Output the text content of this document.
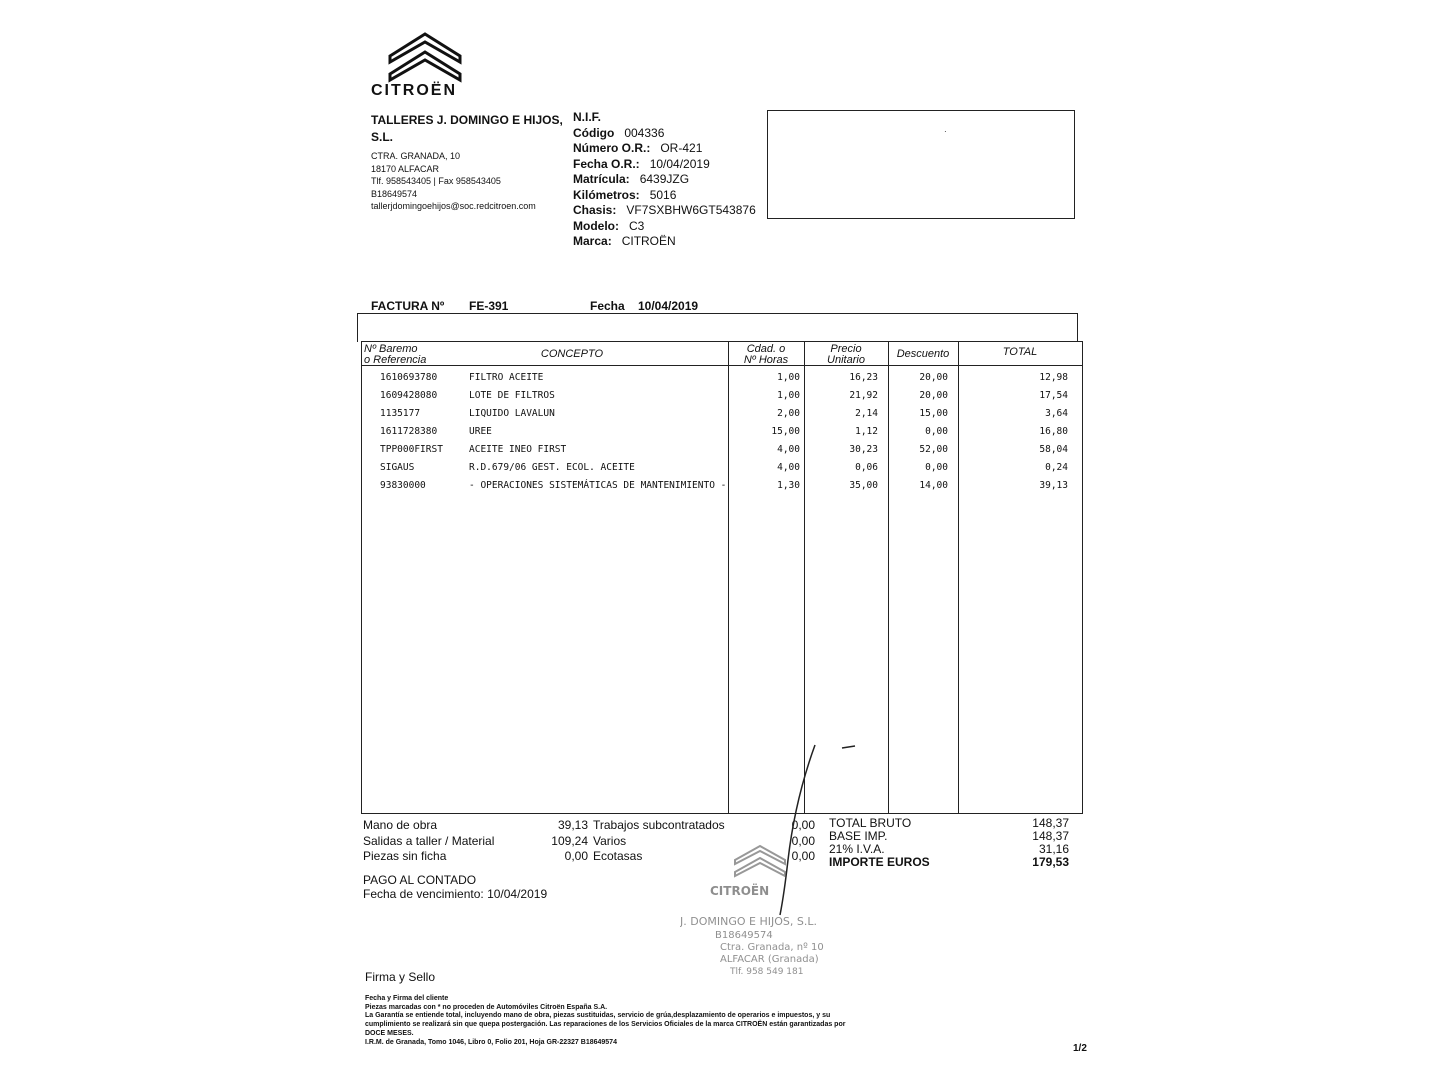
CITROËN
TALLERES J. DOMINGO E HIJOS, S.L.
CTRA. GRANADA, 10
18170 ALFACAR
Tlf. 958543405 | Fax 958543405
B18649574
tallerjdomingoehijos@soc.redcitroen.com
N.I.F.
Código 004336
Número O.R.: OR-421
Fecha O.R.: 10/04/2019
Matrícula: 6439JZG
Kilómetros: 5016
Chasis: VF7SXBHW6GT543876
Modelo: C3
Marca: CITROËN
·
FACTURA Nº FE-391	Fecha 10/04/2019
Nº Baremo
o Referencia	CONCEPTO	Cdad. o
Nº Horas
Precio
Unitario	Descuento	TOTAL
1610693780	FILTRO ACEITE	1,00	16,23	20,00	12,98
1609428080	LOTE DE FILTROS	1,00	21,92	20,00	17,54
1135177	LIQUIDO LAVALUN	2,00	2,14	15,00	3,64
1611728380	UREE	15,00	1,12	0,00	16,80
TPP000FIRST	ACEITE INEO FIRST	4,00	30,23	52,00	58,04
SIGAUS	R.D.679/06 GEST. ECOL. ACEITE	4,00	0,06	0,00	0,24
93830000	- OPERACIONES SISTEMÁTICAS DE MANTENIMIENTO -	1,30	35,00	14,00	39,13
Mano de obra	39,13 Trabajos subcontratados	0,00
Salidas a taller / Material	109,24 Varios	0,00
Piezas sin ficha	0,00 Ecotasas	0,00
TOTAL BRUTO	148,37
BASE IMP.	148,37
21% I.V.A.	31,16
IMPORTE EUROS	179,53
PAGO AL CONTADO
Fecha de vencimiento: 10/04/2019	CITROËN
J. DOMINGO E HIJOS, S.L.
B18649574
Ctra. Granada, nº 10
ALFACAR (Granada)
Tlf. 958 549 181
Firma y Sello
Fecha y Firma del cliente
Piezas marcadas con * no proceden de Automóviles Citroën España S.A.
La Garantía se entiende total, incluyendo mano de obra, piezas sustituidas, servicio de grúa,desplazamiento de operarios e impuestos, y su
cumplimiento se realizará sin que quepa postergación. Las reparaciones de los Servicios Oficiales de la marca CITROËN están garantizadas por
DOCE MESES.
I.R.M. de Granada, Tomo 1046, Libro 0, Folio 201, Hoja GR-22327 B18649574
1/2
